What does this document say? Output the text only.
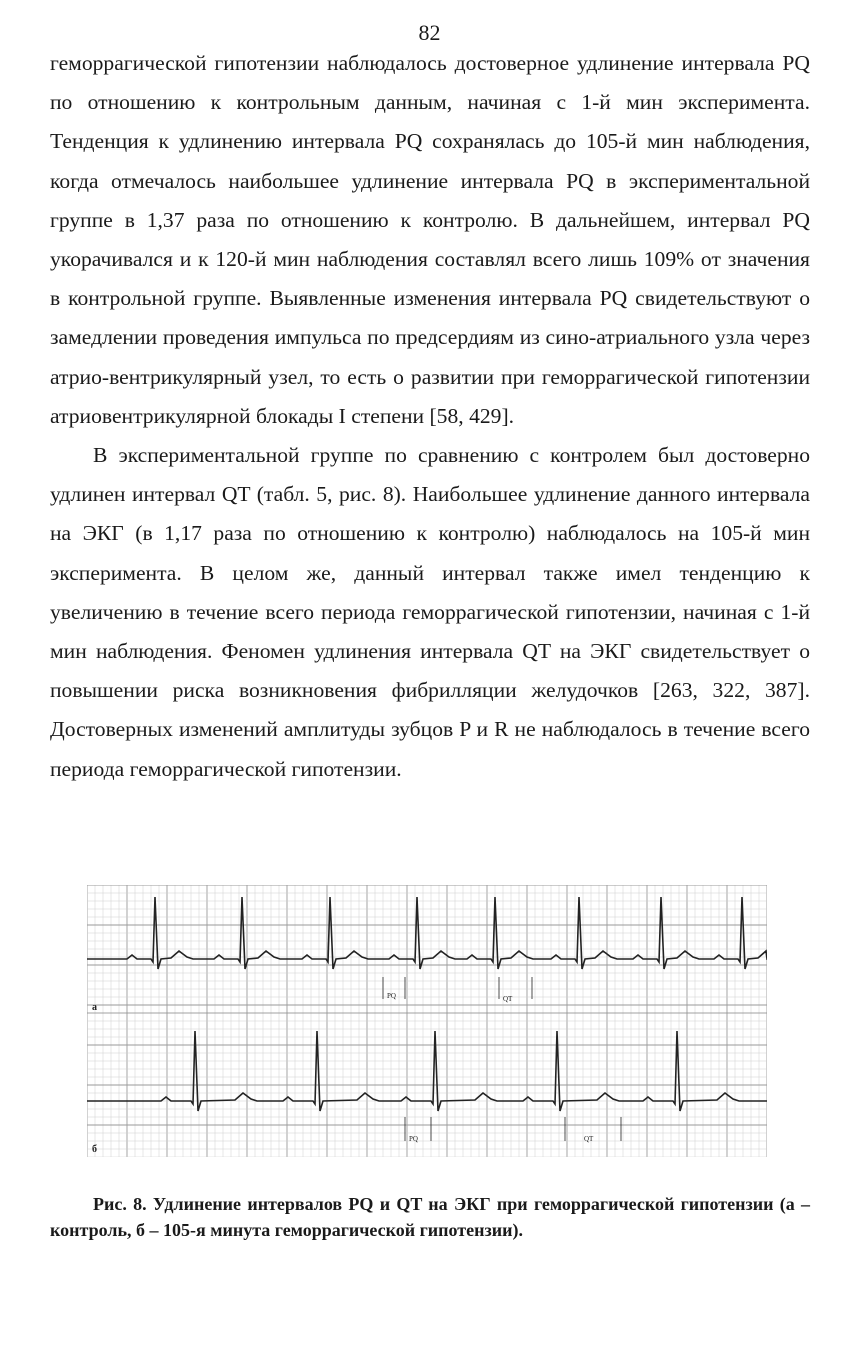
82

геморрагической гипотензии наблюдалось достоверное удлинение интервала PQ по отношению к контрольным данным, начиная с 1-й мин эксперимента. Тенденция к удлинению интервала PQ сохранялась до 105-й мин наблюдения, когда отмечалось наибольшее удлинение интервала PQ в экспериментальной группе в 1,37 раза по отношению к контролю. В дальнейшем, интервал PQ укорачивался и к 120-й мин наблюдения составлял всего лишь 109% от значения в контрольной группе. Выявленные изменения интервала PQ свидетельствуют о замедлении проведения импульса по предсердиям из сино-атриального узла через атрио-вентрикулярный узел, то есть о развитии при геморрагической гипотензии атриовентрикулярной блокады I степени [58, 429].

В экспериментальной группе по сравнению с контролем был достоверно удлинен интервал QT (табл. 5, рис. 8). Наибольшее удлинение данного интервала на ЭКГ (в 1,17 раза по отношению к контролю) наблюдалось на 105-й мин эксперимента. В целом же, данный интервал также имел тенденцию к увеличению в течение всего периода геморрагической гипотензии, начиная с 1-й мин наблюдения. Феномен удлинения интервала QT на ЭКГ свидетельствует о повышении риска возникновения фибрилляции желудочков [263, 322, 387]. Достоверных изменений амплитуды зубцов P и R не наблюдалось в течение всего периода геморрагической гипотензии.

а
б
PQ	QT
PQ	QT
Рис. 8. Удлинение интервалов PQ и QT на ЭКГ при геморрагической гипотензии (а – контроль, б – 105-я минута геморрагической гипотензии).
